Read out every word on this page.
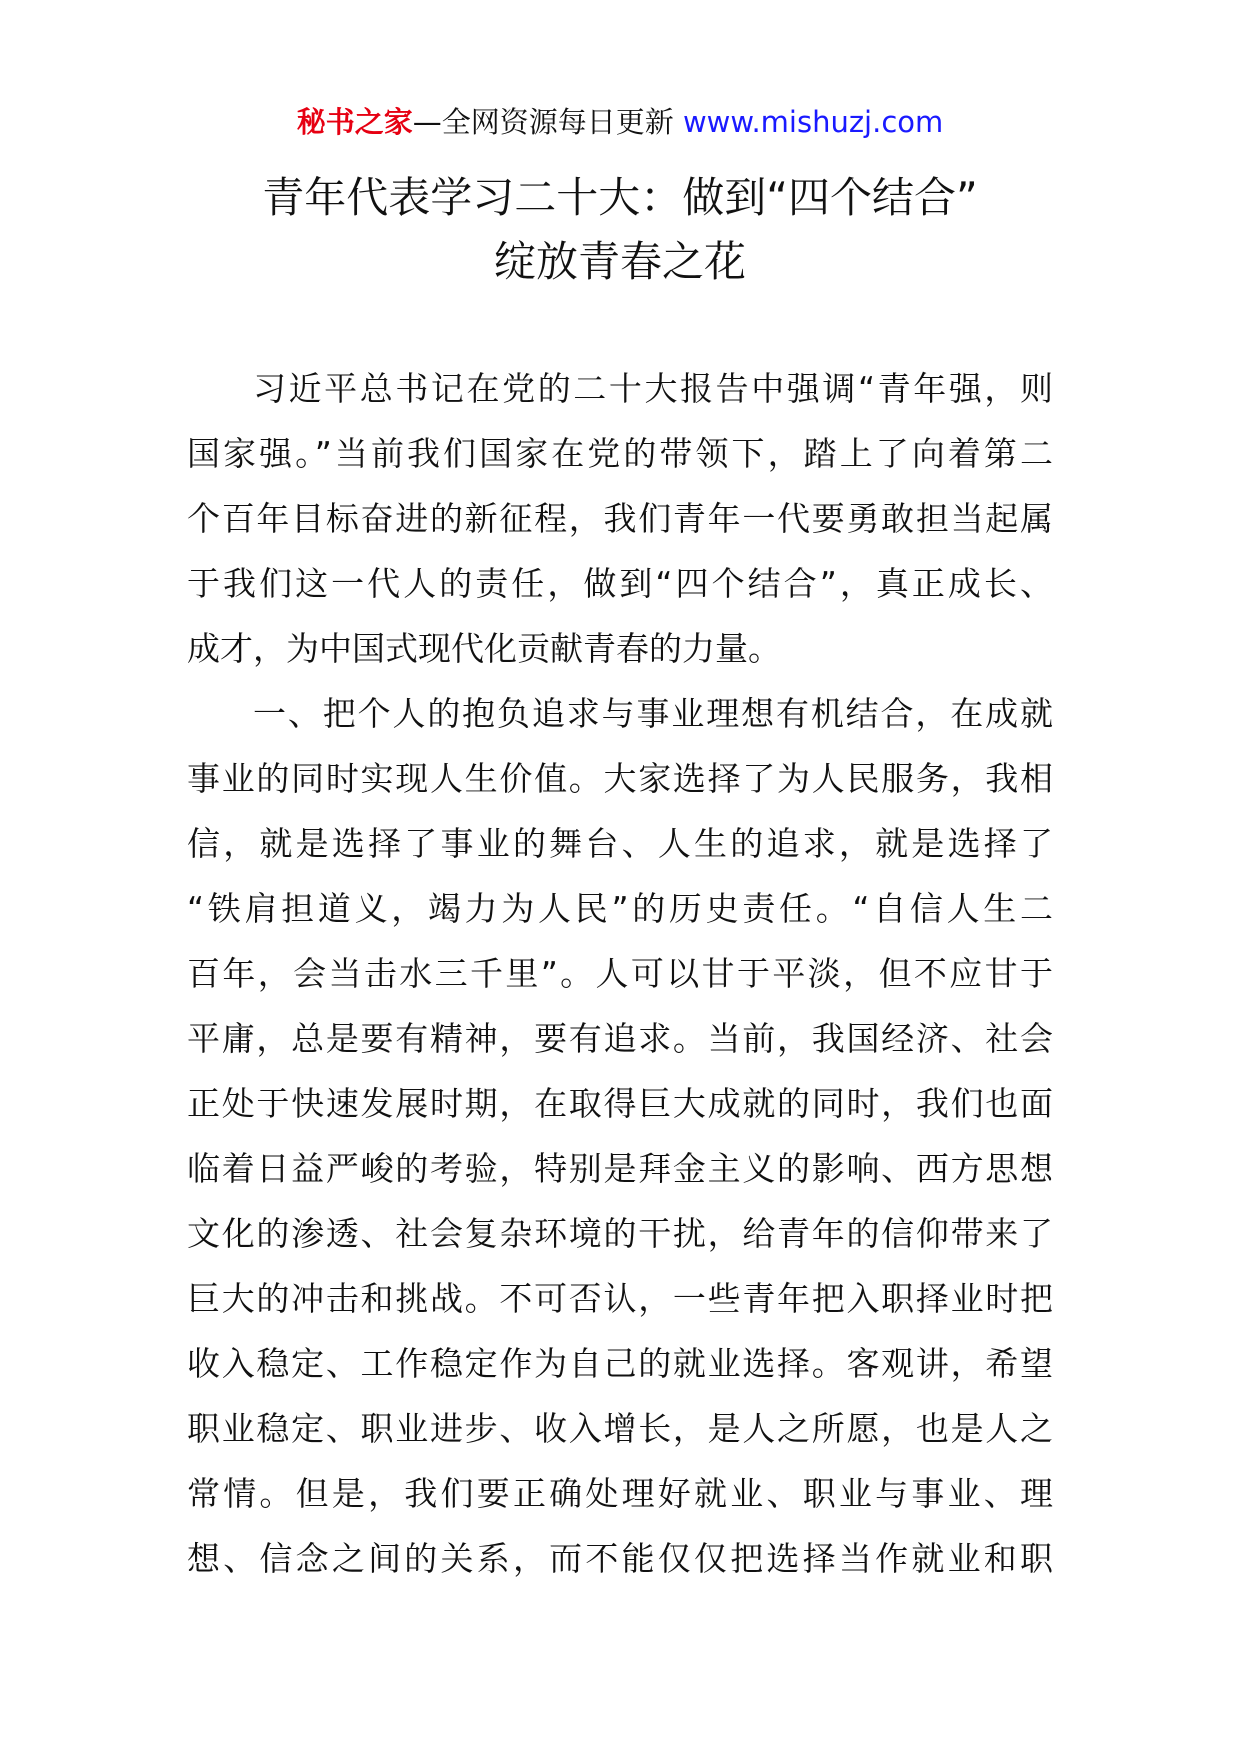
秘书之家—全网资源每日更新 www.mishuzj.com
青年代表学习二十大：做到“四个结合”
绽放青春之花
习近平总书记在党的二十大报告中强调“青年强，则
国家强。”当前我们国家在党的带领下，踏上了向着第二
个百年目标奋进的新征程，我们青年一代要勇敢担当起属
于我们这一代人的责任，做到“四个结合”，真正成长、
成才，为中国式现代化贡献青春的力量。
一、把个人的抱负追求与事业理想有机结合，在成就
事业的同时实现人生价值。大家选择了为人民服务，我相
信，就是选择了事业的舞台、人生的追求，就是选择了
“铁肩担道义，竭力为人民”的历史责任。“自信人生二
百年，会当击水三千里”。人可以甘于平淡，但不应甘于
平庸，总是要有精神，要有追求。当前，我国经济、社会
正处于快速发展时期，在取得巨大成就的同时，我们也面
临着日益严峻的考验，特别是拜金主义的影响、西方思想
文化的渗透、社会复杂环境的干扰，给青年的信仰带来了
巨大的冲击和挑战。不可否认，一些青年把入职择业时把
收入稳定、工作稳定作为自己的就业选择。客观讲，希望
职业稳定、职业进步、收入增长，是人之所愿，也是人之
常情。但是，我们要正确处理好就业、职业与事业、理
想、信念之间的关系，而不能仅仅把选择当作就业和职
